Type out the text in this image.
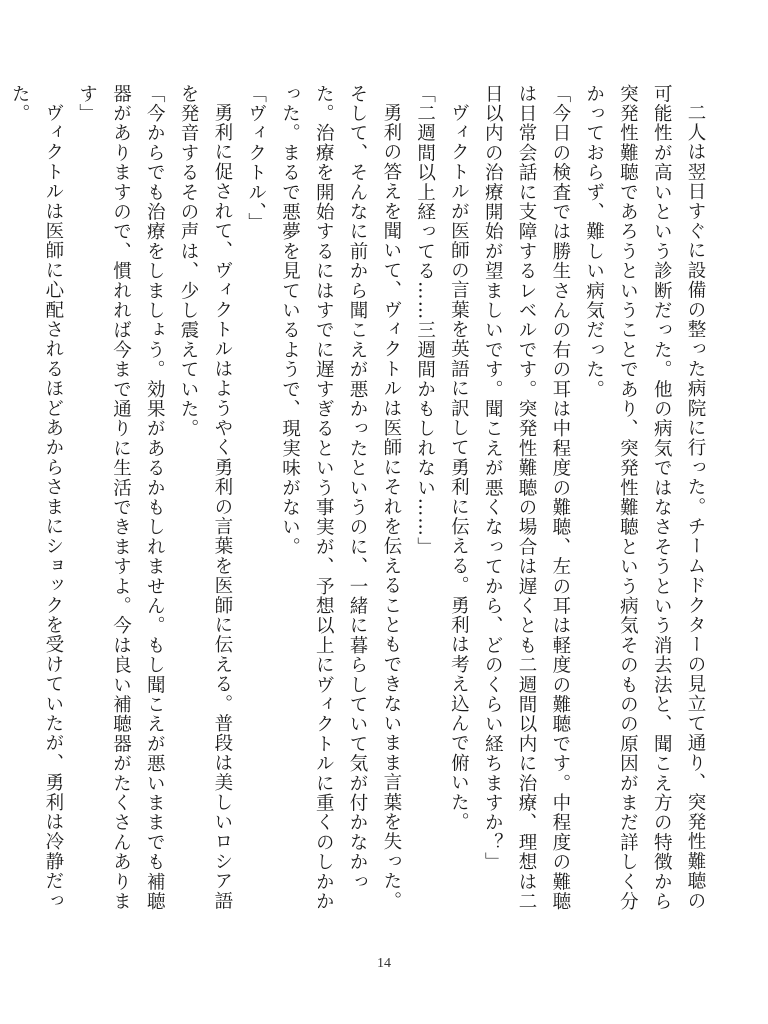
二人は翌日すぐに設備の整った病院に行った。チームドクターの見立て通り、突発性難聴の可能性が高いという診断だった。他の病気ではなさそうという消去法と、聞こえ方の特徴から突発性難聴であろうということであり、突発性難聴という病気そのものの原因がまだ詳しく分かっておらず、難しい病気だった。

「今日の検査では勝生さんの右の耳は中程度の難聴、左の耳は軽度の難聴です。中程度の難聴は日常会話に支障するレベルです。突発性難聴の場合は遅くとも二週間以内に治療、理想は二日以内の治療開始が望ましいです。聞こえが悪くなってから、どのくらい経ちますか？」

ヴィクトルが医師の言葉を英語に訳して勇利に伝える。勇利は考え込んで俯いた。

「二週間以上経ってる……三週間かもしれない……」

勇利の答えを聞いて、ヴィクトルは医師にそれを伝えることもできないまま言葉を失った。そして、そんなに前から聞こえが悪かったというのに、一緒に暮らしていて気が付かなかった。治療を開始するにはすでに遅すぎるという事実が、予想以上にヴィクトルに重くのしかかった。まるで悪夢を見ているようで、現実味がない。

「ヴィクトル、」

勇利に促されて、ヴィクトルはようやく勇利の言葉を医師に伝える。普段は美しいロシア語を発音するその声は、少し震えていた。

「今からでも治療をしましょう。効果があるかもしれません。もし聞こえが悪いままでも補聴器がありますので、慣れれば今まで通りに生活できますよ。今は良い補聴器がたくさんあります」

ヴィクトルは医師に心配されるほどあからさまにショックを受けていたが、勇利は冷静だった。

14
